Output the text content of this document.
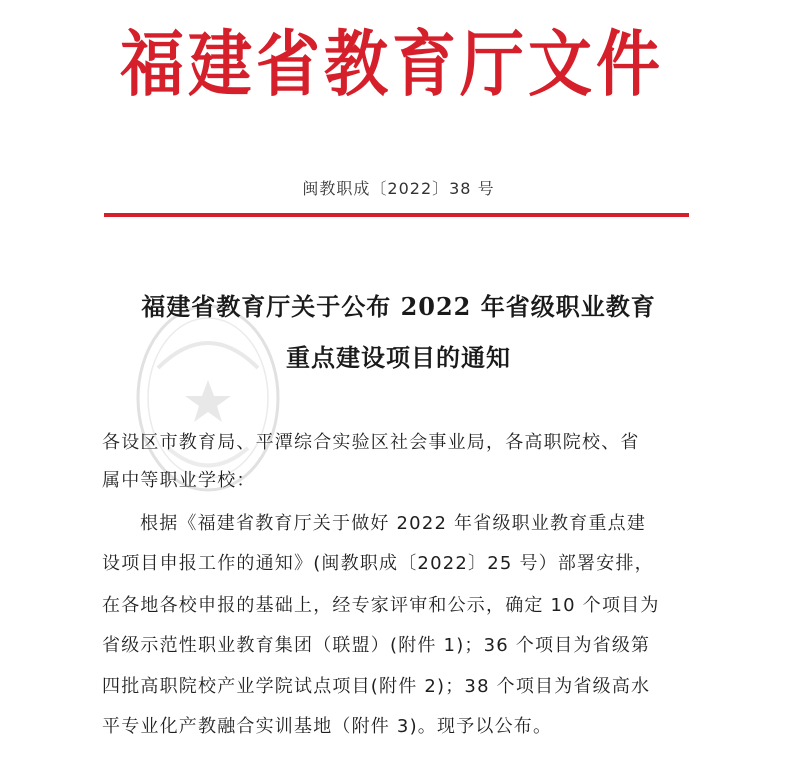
福建省教育厅文件
闽教职成〔2022〕38 号
福建省教育厅关于公布 2022 年省级职业教育
重点建设项目的通知
各设区市教育局、平潭综合实验区社会事业局，各高职院校、省
属中等职业学校：
根据《福建省教育厅关于做好 2022 年省级职业教育重点建
设项目申报工作的通知》(闽教职成〔2022〕25 号）部署安排，
在各地各校申报的基础上，经专家评审和公示，确定 10 个项目为
省级示范性职业教育集团（联盟）(附件 1)；36 个项目为省级第
四批高职院校产业学院试点项目(附件 2)；38 个项目为省级高水
平专业化产教融合实训基地（附件 3)。现予以公布。
